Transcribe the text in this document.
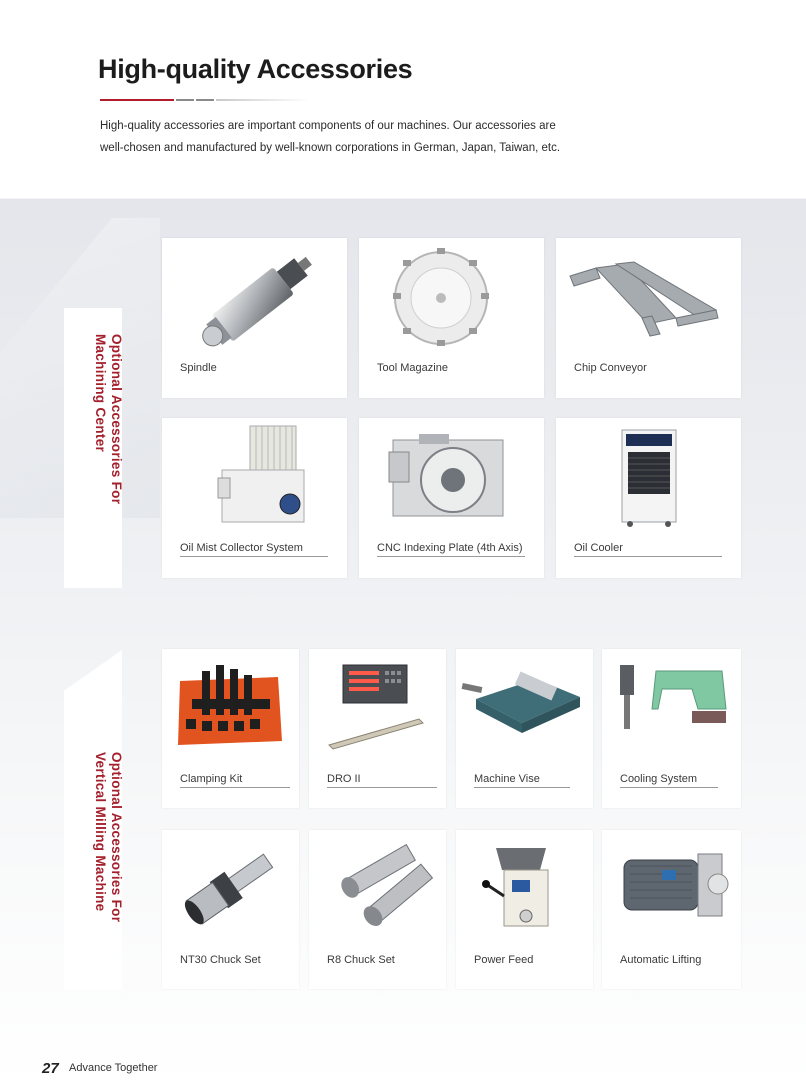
High-quality Accessories

High-quality accessories are important components of our machines. Our accessories are
well-chosen and manufactured by well-known corporations in German, Japan, Taiwan, etc.

Optional Accessories For
Machining Center
Optional Accessories For
Vertical Milling Machine
Spindle	Tool Magazine	Chip Conveyor
Oil Mist Collector System	CNC Indexing Plate (4th Axis)	Oil Cooler
Clamping Kit	DRO II	Machine Vise	Cooling System
NT30 Chuck Set	R8 Chuck Set	Power Feed	Automatic Lifting
27 Advance Together
